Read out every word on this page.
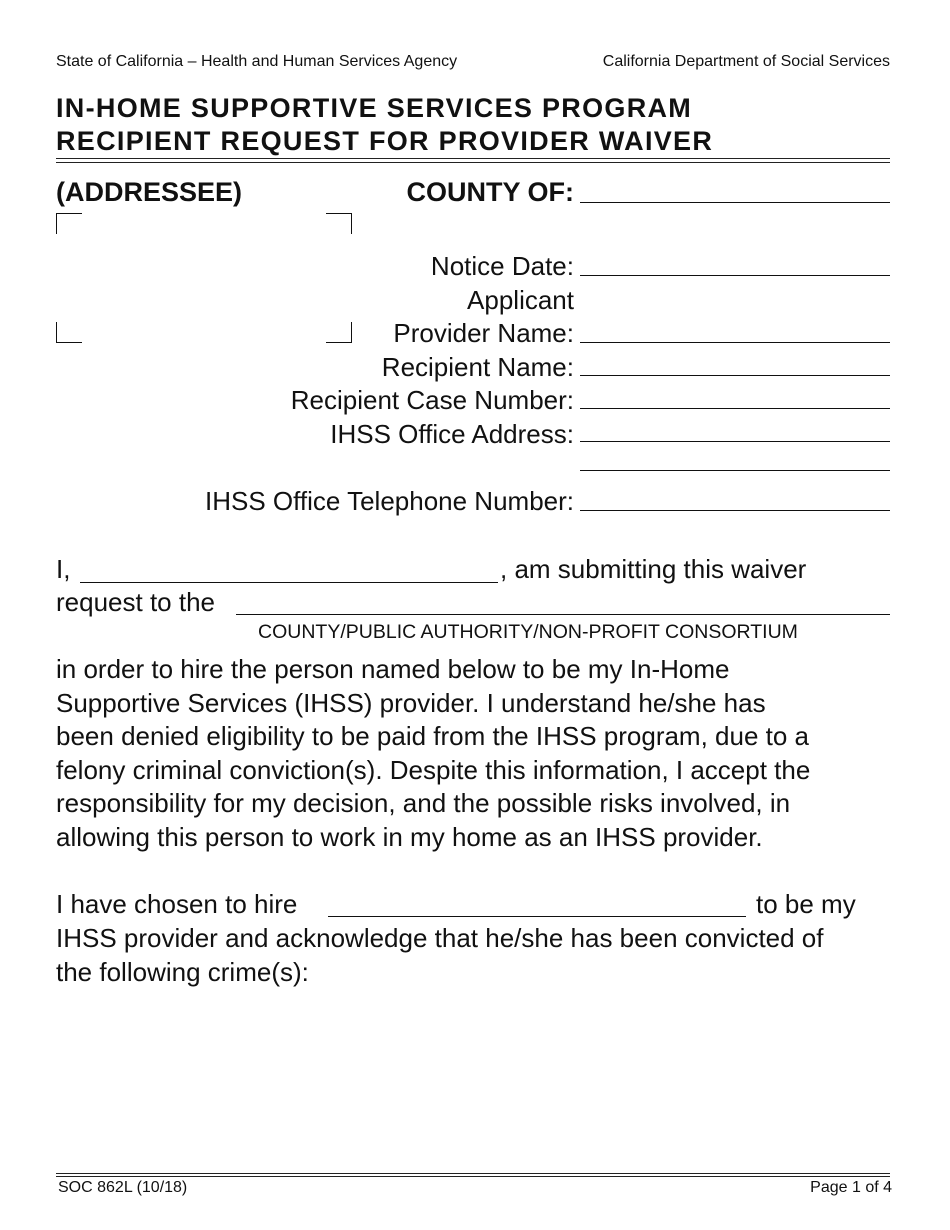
State of California – Health and Human Services Agency	California Department of Social Services
IN-HOME SUPPORTIVE SERVICES PROGRAM
RECIPIENT REQUEST FOR PROVIDER WAIVER
(ADDRESSEE)	COUNTY OF:
Notice Date:
Applicant
Provider Name:
Recipient Name:
Recipient Case Number:
IHSS Office Address:
IHSS Office Telephone Number:
I,	, am submitting this waiver
request to the
COUNTY/PUBLIC AUTHORITY/NON-PROFIT CONSORTIUM
in order to hire the person named below to be my In-Home
Supportive Services (IHSS) provider. I understand he/she has
been denied eligibility to be paid from the IHSS program, due to a
felony criminal conviction(s). Despite this information, I accept the
responsibility for my decision, and the possible risks involved, in
allowing this person to work in my home as an IHSS provider.
I have chosen to hire	to be my
IHSS provider and acknowledge that he/she has been convicted of
the following crime(s):
SOC 862L (10/18)	Page 1 of 4
